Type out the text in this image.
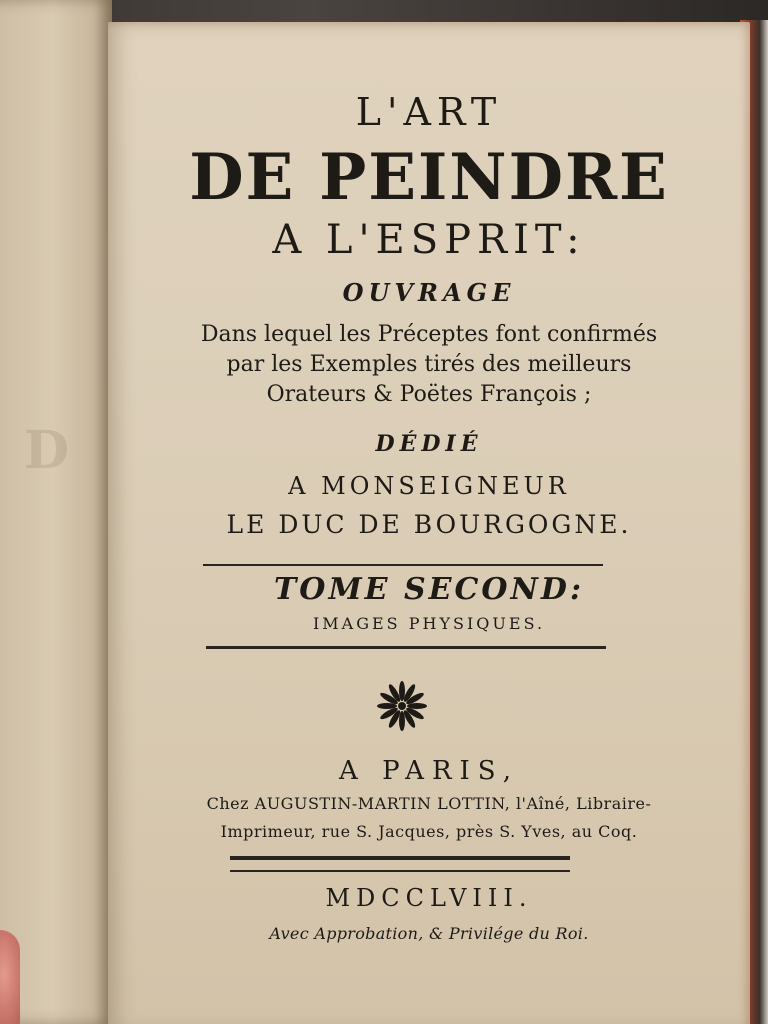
D
L'ART
DE PEINDRE
A L'ESPRIT:
OUVRAGE
Dans lequel les Préceptes font confirmés
par les Exemples tirés des meilleurs
Orateurs & Poëtes François ;
DÉDIÉ
A MONSEIGNEUR
LE DUC DE BOURGOGNE.
TOME SECOND:
IMAGES PHYSIQUES.
A PARIS,
Chez AUGUSTIN-MARTIN LOTTIN, l'Aîné, Libraire-
Imprimeur, rue S. Jacques, près S. Yves, au Coq.
MDCCLVIII.
Avec Approbation, & Privilége du Roi.
